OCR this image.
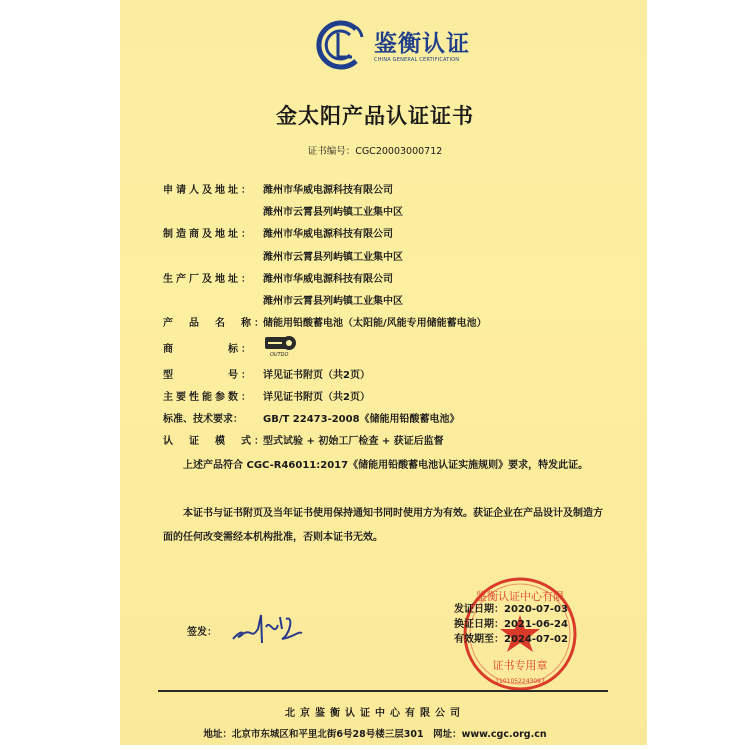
鉴衡认证
CHINA GENERAL CERTIFICATION
金太阳产品认证证书
证书编号：CGC20003000712
申请人及地址： 潍州市华威电源科技有限公司
潍州市云霄县列屿镇工业集中区
制造商及地址： 潍州市华威电源科技有限公司
潍州市云霄县列屿镇工业集中区
生产厂及地址： 潍州市华威电源科技有限公司
潍州市云霄县列屿镇工业集中区
产　品　名　称：
储能用铅酸蓄电池（太阳能/风能专用储能蓄电池）
商　　　　标：	OUTDO
型　　　　号： 详见证书附页（共2页）
主要性能参数： 详见证书附页（共2页）
标准、技术要求： GB/T 22473-2008《储能用铅酸蓄电池》
认　证　模　式：
型式试验 + 初始工厂检查 + 获证后监督
　　上述产品符合 CGC-R46011:2017《储能用铅酸蓄电池认证实施规则》要求，特发此证。
　　本证书与证书附页及当年证书使用保持通知书同时使用方为有效。获证企业在产品设计及制造方面的任何改变需经本机构批准，否则本证书无效。
签发：
鉴衡认证中心有限
证书专用章
1101052243097
发证日期：2020-07-03
换证日期：2021-06-24
有效期至：2024-07-02
北京鉴衡认证中心有限公司
地址：北京市东城区和平里北街6号28号楼三层301　网址：www.cgc.org.cn
